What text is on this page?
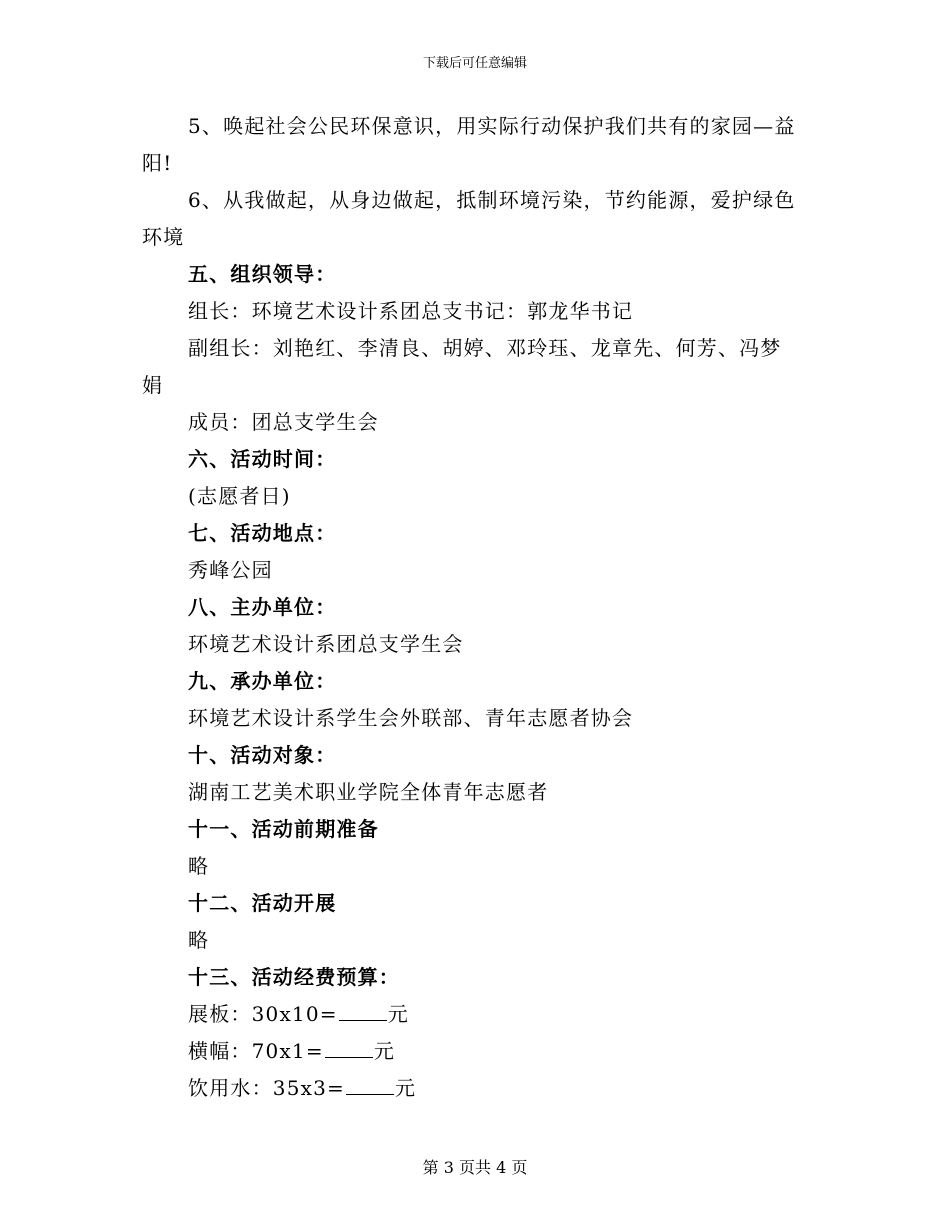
下载后可任意编辑
5、唤起社会公民环保意识，用实际行动保护我们共有的家园—益
阳!
6、从我做起，从身边做起，抵制环境污染，节约能源，爱护绿色
环境
五、组织领导：
组长：环境艺术设计系团总支书记：郭龙华书记
副组长：刘艳红、李清良、胡婷、邓玲珏、龙章先、何芳、冯梦
娟
成员：团总支学生会
六、活动时间：
(志愿者日)
七、活动地点：
秀峰公园
八、主办单位：
环境艺术设计系团总支学生会
九、承办单位：
环境艺术设计系学生会外联部、青年志愿者协会
十、活动对象：
湖南工艺美术职业学院全体青年志愿者
十一、活动前期准备
略
十二、活动开展
略
十三、活动经费预算：
展板：30x10=	元
横幅：70x1=	元
饮用水：35x3=	元
第 3 页共 4 页
